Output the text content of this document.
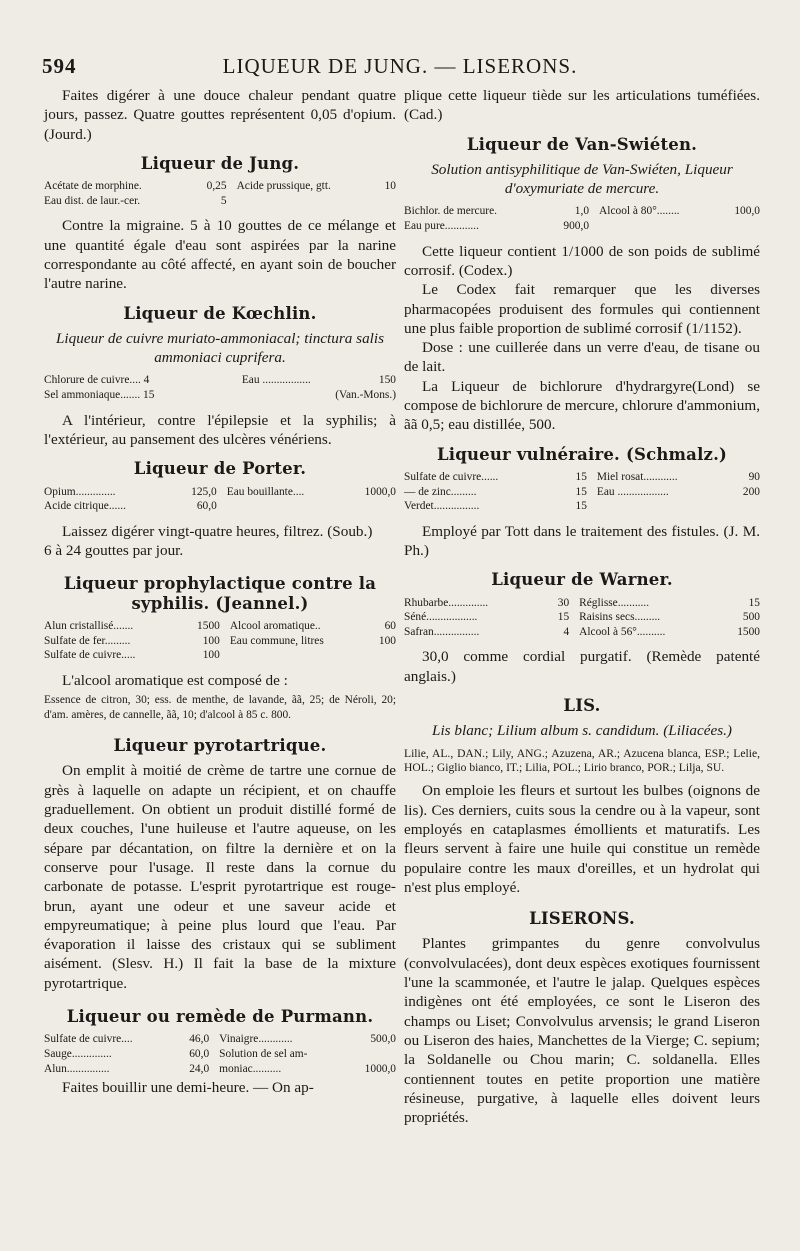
594	LIQUEUR DE JUNG. — LISERONS.

Faites digérer à une douce chaleur pendant quatre jours, passez. Quatre gouttes représentent 0,05 d'opium. (Jourd.)

Liqueur de Jung.
Acétate de morphine.	0,25	Acide prussique, gtt.	10
Eau dist. de laur.-cer.	5		

Contre la migraine. 5 à 10 gouttes de ce mélange et une quantité égale d'eau sont aspirées par la narine correspondante au côté affecté, en ayant soin de boucher l'autre narine.

Liqueur de Kœchlin.
Liqueur de cuivre muriato-ammoniacal; tinctura salis ammoniaci cuprifera.
Chlorure de cuivre.... 4	Eau .................	150
Sel ammoniaque....... 15	(Van.-Mons.)	

A l'intérieur, contre l'épilepsie et la syphilis; à l'extérieur, au pansement des ulcères vénériens.

Liqueur de Porter.
Opium..............	125,0	Eau bouillante....	1000,0
Acide citrique......	60,0		

Laissez digérer vingt-quatre heures, filtrez. (Soub.)

6 à 24 gouttes par jour.

Liqueur prophylactique contre la syphilis. (Jeannel.)
Alun cristallisé.......	1500	Alcool aromatique..	60
Sulfate de fer.........	100	Eau commune, litres	100
Sulfate de cuivre.....	100		

L'alcool aromatique est composé de :

Essence de citron, 30; ess. de menthe, de lavande, ãã, 25; de Néroli, 20; d'am. amères, de cannelle, ãã, 10; d'alcool à 85 c. 800.

Liqueur pyrotartrique.

On emplit à moitié de crème de tartre une cornue de grès à laquelle on adapte un récipient, et on chauffe graduellement. On obtient un produit distillé formé de deux couches, l'une huileuse et l'autre aqueuse, on les sépare par décantation, on filtre la dernière et on la conserve pour l'usage. Il reste dans la cornue du carbonate de potasse. L'esprit pyrotartrique est rouge-brun, ayant une odeur et une saveur acide et empyreumatique; à peine plus lourd que l'eau. Par évaporation il laisse des cristaux qui se subliment aisément. (Slesv. H.) Il fait la base de la mixture pyrotartrique.

Liqueur ou remède de Purmann.
Sulfate de cuivre....	46,0	Vinaigre............	500,0
Sauge..............	60,0	Solution de sel am-	
Alun...............	24,0	moniac..........	1000,0

Faites bouillir une demi-heure. — On ap-

plique cette liqueur tiède sur les articulations tuméfiées. (Cad.)

Liqueur de Van-Swiéten.
Solution antisyphilitique de Van-Swiéten, Liqueur d'oxymuriate de mercure.
Bichlor. de mercure.	1,0	Alcool à 80°........	100,0
Eau pure............	900,0		

Cette liqueur contient 1/1000 de son poids de sublimé corrosif. (Codex.)

Le Codex fait remarquer que les diverses pharmacopées produisent des formules qui contiennent une plus faible proportion de sublimé corrosif (1/1152).

Dose : une cuillerée dans un verre d'eau, de tisane ou de lait.

La Liqueur de bichlorure d'hydrargyre(Lond) se compose de bichlorure de mercure, chlorure d'ammonium, ãã 0,5; eau distillée, 500.

Liqueur vulnéraire. (Schmalz.)
Sulfate de cuivre......	15	Miel rosat............	90
— de zinc.........	15	Eau ..................	200
Verdet................	15		

Employé par Tott dans le traitement des fistules. (J. M. Ph.)

Liqueur de Warner.
Rhubarbe..............	30	Réglisse...........	15
Séné..................	15	Raisins secs.........	500
Safran................	4	Alcool à 56°..........	1500

30,0 comme cordial purgatif. (Remède patenté anglais.)

LIS.
Lis blanc; Lilium album s. candidum. (Liliacées.)

Lilie, AL., DAN.; Lily, ANG.; Azuzena, AR.; Azucena blanca, ESP.; Lelie, HOL.; Giglio bianco, IT.; Lilia, POL.; Lirio branco, POR.; Lilja, SU.

On emploie les fleurs et surtout les bulbes (oignons de lis). Ces derniers, cuits sous la cendre ou à la vapeur, sont employés en cataplasmes émollients et maturatifs. Les fleurs servent à faire une huile qui constitue un remède populaire contre les maux d'oreilles, et un hydrolat qui n'est plus employé.

LISERONS.

Plantes grimpantes du genre convolvulus (convolvulacées), dont deux espèces exotiques fournissent l'une la scammonée, et l'autre le jalap. Quelques espèces indigènes ont été employées, ce sont le Liseron des champs ou Liset; Convolvulus arvensis; le grand Liseron ou Liseron des haies, Manchettes de la Vierge; C. sepium; la Soldanelle ou Chou marin; C. soldanella. Elles contiennent toutes en petite proportion une matière résineuse, purgative, à laquelle elles doivent leurs propriétés.
